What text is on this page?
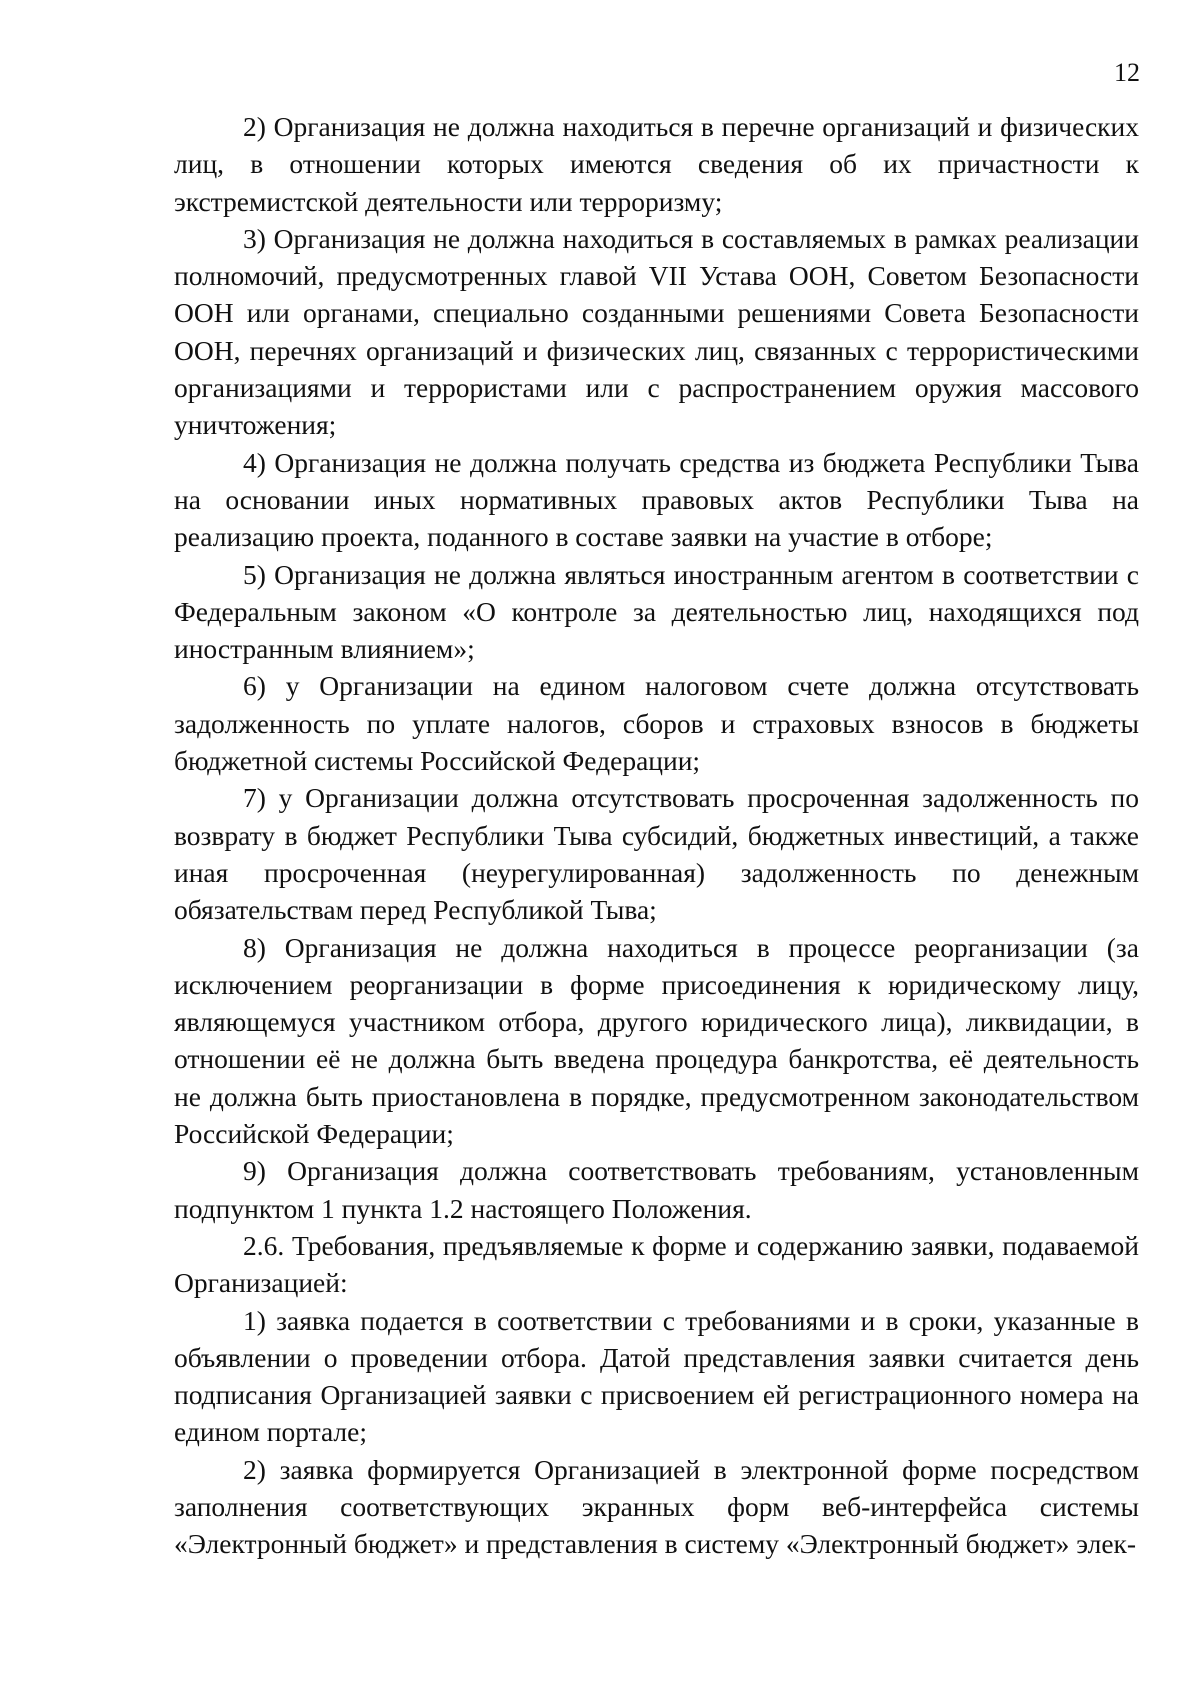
12

2) Организация не должна находиться в перечне организаций и физических лиц, в отношении которых имеются сведения об их причастности к экстремистской деятельности или терроризму;

3) Организация не должна находиться в составляемых в рамках реализации полномочий, предусмотренных главой VII Устава ООН, Советом Безопасности ООН или органами, специально созданными решениями Совета Безопасности ООН, перечнях организаций и физических лиц, связанных с террористическими организациями и террористами или с распространением оружия массового уничтожения;

4) Организация не должна получать средства из бюджета Республики Тыва на основании иных нормативных правовых актов Республики Тыва на реализацию проекта, поданного в составе заявки на участие в отборе;

5) Организация не должна являться иностранным агентом в соответствии с Федеральным законом «О контроле за деятельностью лиц, находящихся под иностранным влиянием»;

6) у Организации на едином налоговом счете должна отсутствовать задолженность по уплате налогов, сборов и страховых взносов в бюджеты бюджетной системы Российской Федерации;

7) у Организации должна отсутствовать просроченная задолженность по возврату в бюджет Республики Тыва субсидий, бюджетных инвестиций, а также иная просроченная (неурегулированная) задолженность по денежным обязательствам перед Республикой Тыва;

8) Организация не должна находиться в процессе реорганизации (за исключением реорганизации в форме присоединения к юридическому лицу, являющемуся участником отбора, другого юридического лица), ликвидации, в отношении её не должна быть введена процедура банкротства, её деятельность не должна быть приостановлена в порядке, предусмотренном законодательством Российской Федерации;

9) Организация должна соответствовать требованиям, установленным подпунктом 1 пункта 1.2 настоящего Положения.

2.6. Требования, предъявляемые к форме и содержанию заявки, подаваемой Организацией:

1) заявка подается в соответствии с требованиями и в сроки, указанные в объявлении о проведении отбора. Датой представления заявки считается день подписания Организацией заявки с присвоением ей регистрационного номера на едином портале;

2) заявка формируется Организацией в электронной форме посредством заполнения соответствующих экранных форм веб-интерфейса системы «Электронный бюджет» и представления в систему «Электронный бюджет» элек-
